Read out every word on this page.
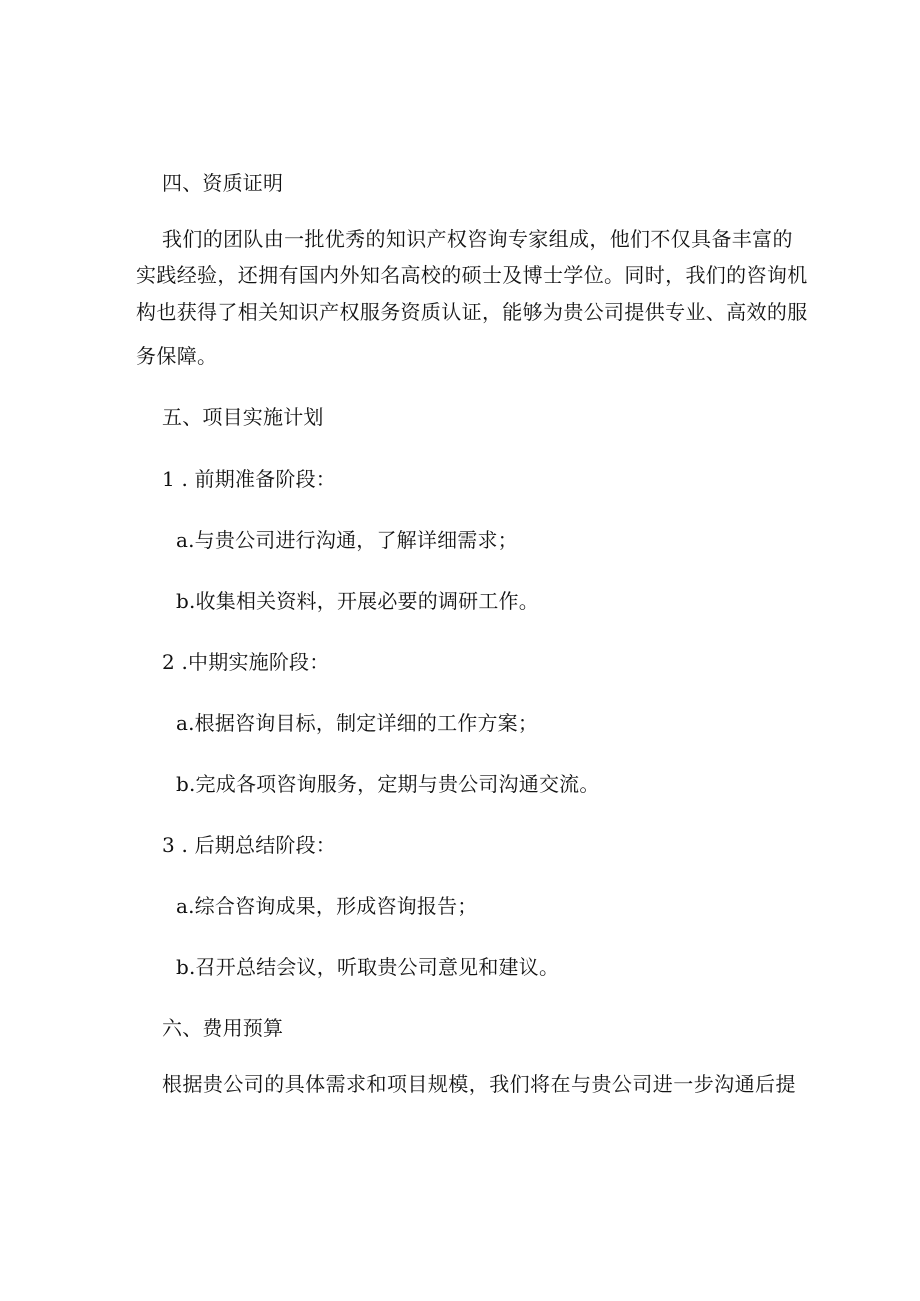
四、资质证明
我们的团队由一批优秀的知识产权咨询专家组成，他们不仅具备丰富的
实践经验，还拥有国内外知名高校的硕士及博士学位。同时，我们的咨询机
构也获得了相关知识产权服务资质认证，能够为贵公司提供专业、高效的服
务保障。
五、项目实施计划
1 . 前期准备阶段：
a.与贵公司进行沟通，了解详细需求；
b.收集相关资料，开展必要的调研工作。
2 .中期实施阶段：
a.根据咨询目标，制定详细的工作方案；
b.完成各项咨询服务，定期与贵公司沟通交流。
3 . 后期总结阶段：
a.综合咨询成果，形成咨询报告；
b.召开总结会议，听取贵公司意见和建议。
六、费用预算
根据贵公司的具体需求和项目规模，我们将在与贵公司进一步沟通后提
